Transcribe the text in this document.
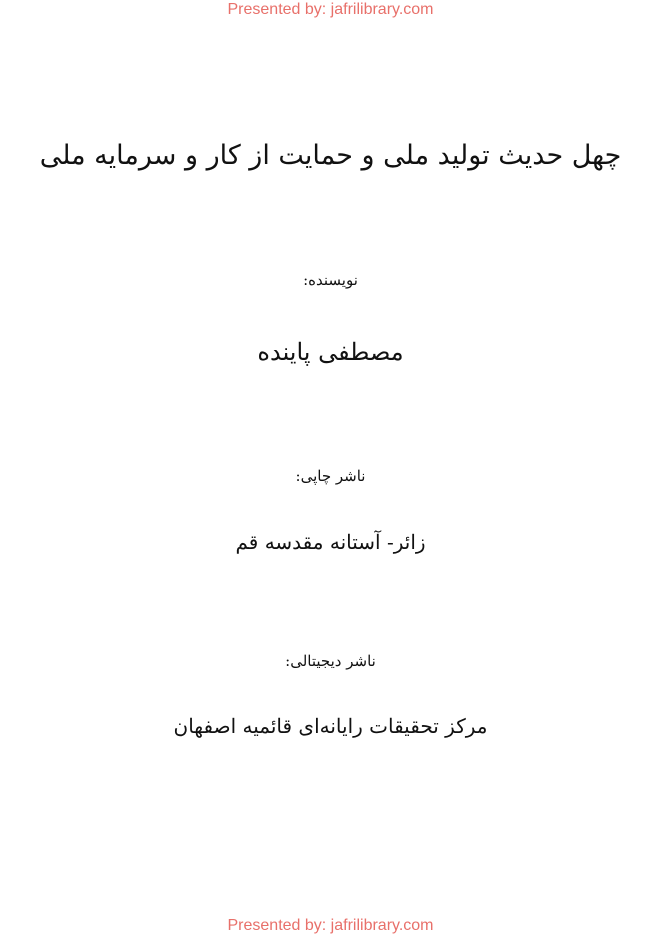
Presented by: jafrilibrary.com
چهل حدیث تولید ملی و حمایت از کار و سرمایه ملی
نویسنده:
مصطفی پاینده
ناشر چاپی:
زائر- آستانه مقدسه قم
ناشر دیجیتالی:
مرکز تحقیقات رایانه‌ای قائمیه اصفهان
Presented by: jafrilibrary.com
